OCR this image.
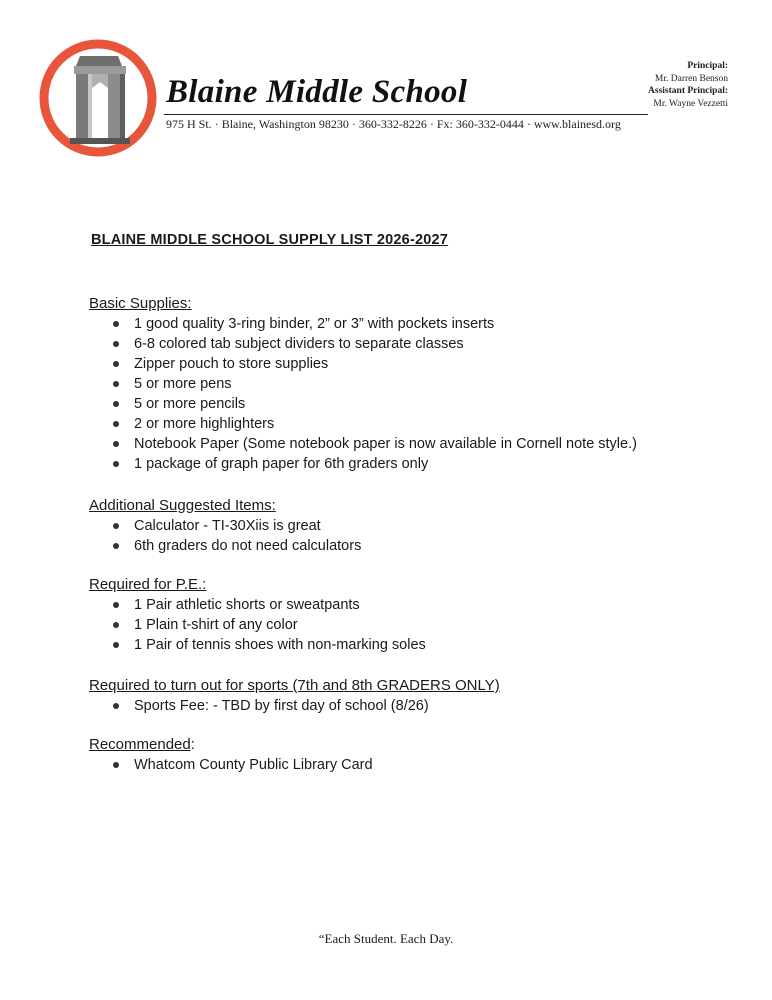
Blaine Middle School
975 H St. · Blaine, Washington 98230 · 360-332-8226 · Fx: 360-332-0444 · www.blainesd.org
Principal:
Mr. Darren Benson
Assistant Principal:
Mr. Wayne Vezzetti
BLAINE MIDDLE SCHOOL SUPPLY LIST 2026-2027

Basic Supplies:

1 good quality 3-ring binder, 2” or 3” with pockets inserts
6-8 colored tab subject dividers to separate classes
Zipper pouch to store supplies
5 or more pens
5 or more pencils
2 or more highlighters
Notebook Paper (Some notebook paper is now available in Cornell note style.)
1 package of graph paper for 6th graders only

Additional Suggested Items:

Calculator - TI-30Xiis is great
6th graders do not need calculators

Required for P.E.:

1 Pair athletic shorts or sweatpants
1 Plain t-shirt of any color
1 Pair of tennis shoes with non-marking soles

Required to turn out for sports (7th and 8th GRADERS ONLY)

Sports Fee: - TBD by first day of school (8/26)

Recommended:

Whatcom County Public Library Card
“Each Student. Each Day.
